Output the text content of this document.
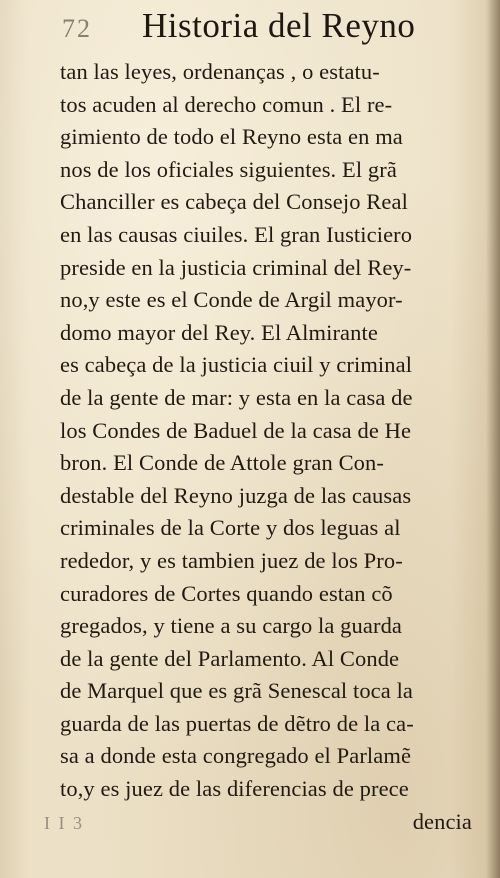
72 Historia del Reyno
tan las leyes, ordenanças , o estatu-
tos acuden al derecho comun . El re-
gimiento de todo el Reyno esta en ma
nos de los oficiales siguientes. El grã
Chanciller es cabeça del Consejo Real
en las causas ciuiles. El gran Iusticiero
preside en la justicia criminal del Rey-
no,y este es el Conde de Argil mayor-
domo mayor del Rey. El Almirante
es cabeça de la justicia ciuil y criminal
de la gente de mar: y esta en la casa de
los Condes de Baduel de la casa de He
bron. El Conde de Attole gran Con-
destable del Reyno juzga de las causas
criminales de la Corte y dos leguas al
rededor, y es tambien juez de los Pro-
curadores de Cortes quando estan cõ
gregados, y tiene a su cargo la guarda
de la gente del Parlamento. Al Conde
de Marquel que es grã Senescal toca la
guarda de las puertas de dẽtro de la ca-
sa a donde esta congregado el Parlamẽ
to,y es juez de las diferencias de prece
dencia
I I 3
